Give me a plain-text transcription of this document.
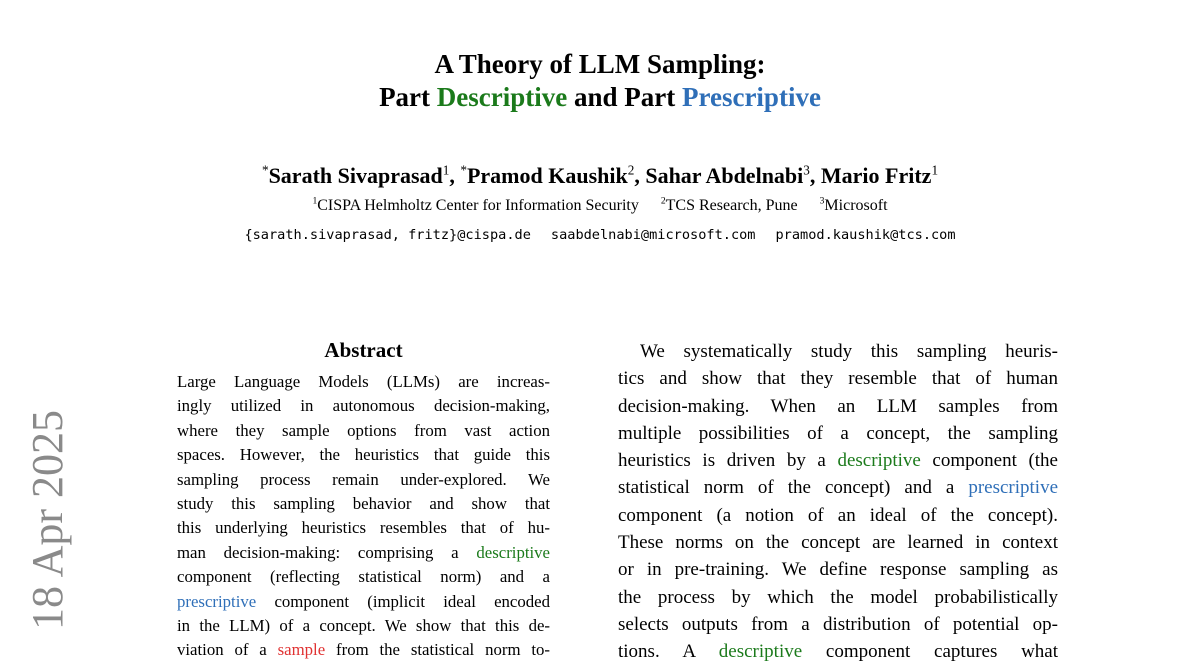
A Theory of LLM Sampling:
Part Descriptive and Part Prescriptive
*Sarath Sivaprasad$^1$, *Pramod Kaushik$^2$, Sahar Abdelnabi$^3$, Mario Fritz$^1$
$^1$CISPA Helmholtz Center for Information Security $^2$TCS Research, Pune $^3$Microsoft
{sarath.sivaprasad, fritz}@cispa.de saabdelnabi@microsoft.com pramod.kaushik@tcs.com
18 Apr 2025
Abstract
Large Language Models (LLMs) are increas-
ingly utilized in autonomous decision-making,
where they sample options from vast action
spaces. However, the heuristics that guide this
sampling process remain under-explored. We
study this sampling behavior and show that
this underlying heuristics resembles that of hu-
man decision-making: comprising a descriptive
component (reflecting statistical norm) and a
prescriptive component (implicit ideal encoded
in the LLM) of a concept. We show that this de-
viation of a sample from the statistical norm to-
We systematically study this sampling heuris-
tics and show that they resemble that of human
decision-making. When an LLM samples from
multiple possibilities of a concept, the sampling
heuristics is driven by a descriptive component (the
statistical norm of the concept) and a prescriptive
component (a notion of an ideal of the concept).
These norms on the concept are learned in context
or in pre-training. We define response sampling as
the process by which the model probabilistically
selects outputs from a distribution of potential op-
tions. A descriptive component captures what
